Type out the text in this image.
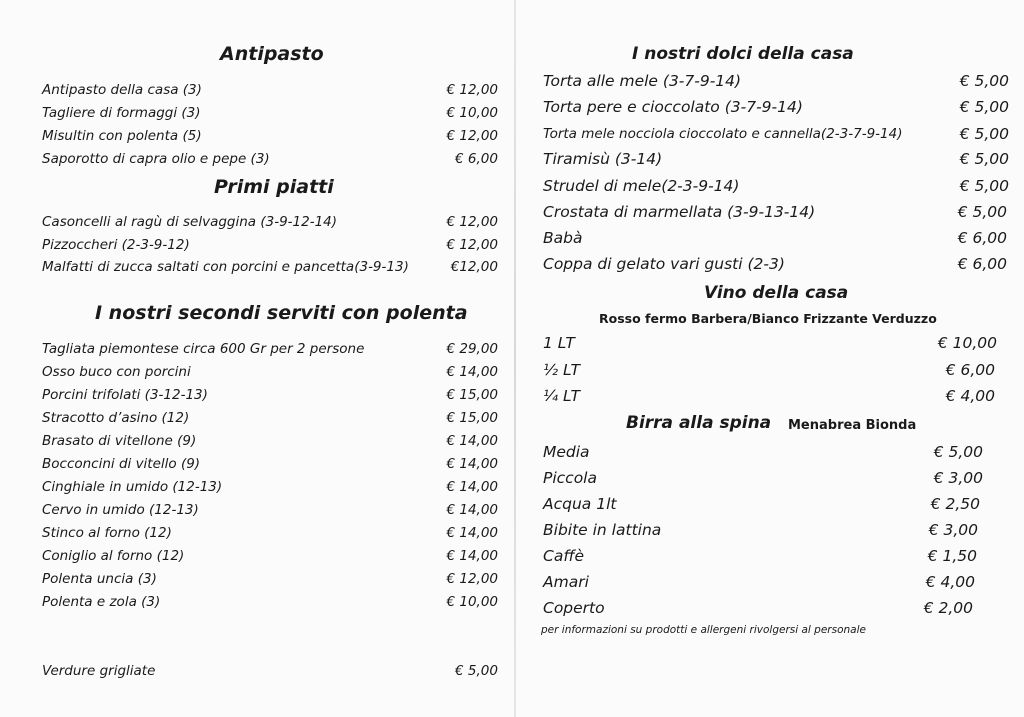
Antipasto
Antipasto della casa (3)	€ 12,00
Tagliere di formaggi (3)	€ 10,00
Misultin con polenta (5)	€ 12,00
Saporotto di capra olio e pepe (3)	€ 6,00
Primi piatti
Casoncelli al ragù di selvaggina (3-9-12-14)	€ 12,00
Pizzoccheri (2-3-9-12)	€ 12,00
Malfatti di zucca saltati con porcini e pancetta(3-9-13)	€12,00
I nostri secondi serviti con polenta
Tagliata piemontese circa 600 Gr per 2 persone	€ 29,00
Osso buco con porcini	€ 14,00
Porcini trifolati (3-12-13)	€ 15,00
Stracotto d’asino (12)	€ 15,00
Brasato di vitellone (9)	€ 14,00
Bocconcini di vitello (9)	€ 14,00
Cinghiale in umido (12-13)	€ 14,00
Cervo in umido (12-13)	€ 14,00
Stinco al forno (12)	€ 14,00
Coniglio al forno (12)	€ 14,00
Polenta uncia (3)	€ 12,00
Polenta e zola (3)	€ 10,00
Verdure grigliate	€ 5,00
I nostri dolci della casa
Torta alle mele (3-7-9-14)	€ 5,00
Torta pere e cioccolato (3-7-9-14)	€ 5,00
Torta mele nocciola cioccolato e cannella(2-3-7-9-14)	€ 5,00
Tiramisù (3-14)	€ 5,00
Strudel di mele(2-3-9-14)	€ 5,00
Crostata di marmellata (3-9-13-14)	€ 5,00
Babà	€ 6,00
Coppa di gelato vari gusti (2-3)	€ 6,00
Vino della casa
Rosso fermo Barbera/Bianco Frizzante Verduzzo
1 LT	€ 10,00
½ LT	€ 6,00
¼ LT	€ 4,00
Birra alla spina Menabrea Bionda
Media	€ 5,00
Piccola	€ 3,00
Acqua 1lt	€ 2,50
Bibite in lattina	€ 3,00
Caffè	€ 1,50
Amari	€ 4,00
Coperto	€ 2,00
per informazioni su prodotti e allergeni rivolgersi al personale
